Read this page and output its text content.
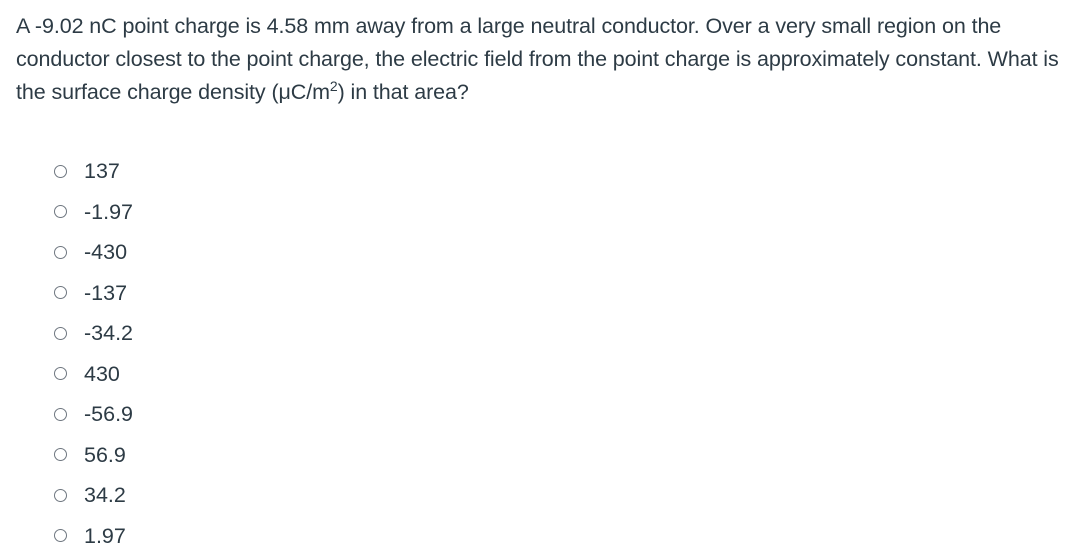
A -9.02 nC point charge is 4.58 mm away from a large neutral conductor. Over a very small region on the conductor closest to the point charge, the electric field from the point charge is approximately constant. What is the surface charge density $(\mu C/m^2)$ in that area?
137
-1.97
-430
-137
-34.2
430
-56.9
56.9
34.2
1.97
